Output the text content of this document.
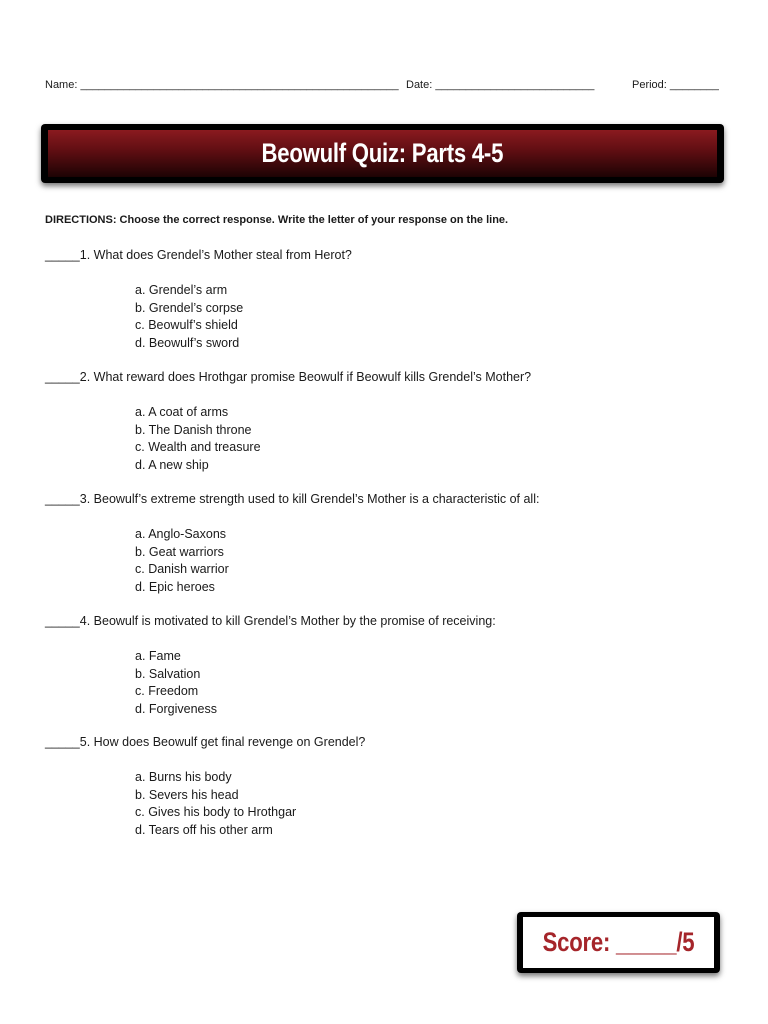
Name: ____________________________________________________ Date: __________________________	Period: ________
Beowulf Quiz: Parts 4-5
DIRECTIONS: Choose the correct response. Write the letter of your response on the line.
_____1. What does Grendel’s Mother steal from Herot?
a. Grendel’s arm
b. Grendel’s corpse
c. Beowulf’s shield
d. Beowulf’s sword
_____2. What reward does Hrothgar promise Beowulf if Beowulf kills Grendel’s Mother?
a. A coat of arms
b. The Danish throne
c. Wealth and treasure
d. A new ship
_____3. Beowulf’s extreme strength used to kill Grendel’s Mother is a characteristic of all:
a. Anglo-Saxons
b. Geat warriors
c. Danish warrior
d. Epic heroes
_____4. Beowulf is motivated to kill Grendel’s Mother by the promise of receiving:
a. Fame
b. Salvation
c. Freedom
d. Forgiveness
_____5. How does Beowulf get final revenge on Grendel?
a. Burns his body
b. Severs his head
c. Gives his body to Hrothgar
d. Tears off his other arm
Score: _____/5
